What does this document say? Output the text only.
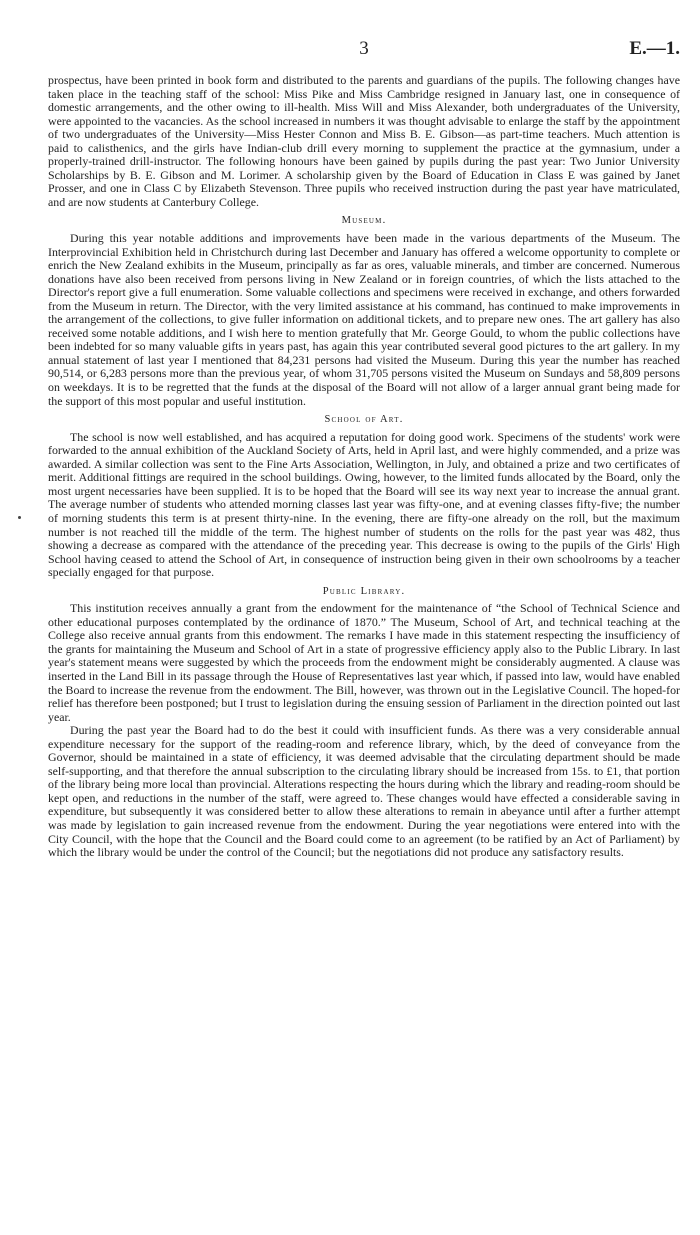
3	E.—1.

prospectus, have been printed in book form and distributed to the parents and guardians of the pupils. The following changes have taken place in the teaching staff of the school: Miss Pike and Miss Cambridge resigned in January last, one in consequence of domestic arrangements, and the other owing to ill-health. Miss Will and Miss Alexander, both undergraduates of the University, were appointed to the vacancies. As the school increased in numbers it was thought advisable to enlarge the staff by the appointment of two undergraduates of the University—Miss Hester Connon and Miss B. E. Gibson—as part-time teachers. Much attention is paid to calisthenics, and the girls have Indian-club drill every morning to supplement the practice at the gymnasium, under a properly-trained drill-instructor. The following honours have been gained by pupils during the past year: Two Junior University Scholarships by B. E. Gibson and M. Lorimer. A scholarship given by the Board of Education in Class E was gained by Janet Prosser, and one in Class C by Elizabeth Stevenson. Three pupils who received instruction during the past year have matriculated, and are now students at Canterbury College.

Museum.

During this year notable additions and improvements have been made in the various departments of the Museum. The Interprovincial Exhibition held in Christchurch during last December and January has offered a welcome opportunity to complete or enrich the New Zealand exhibits in the Museum, principally as far as ores, valuable minerals, and timber are concerned. Numerous donations have also been received from persons living in New Zealand or in foreign countries, of which the lists attached to the Director's report give a full enumeration. Some valuable collections and specimens were received in exchange, and others forwarded from the Museum in return. The Director, with the very limited assistance at his command, has continued to make improvements in the arrangement of the collections, to give fuller information on additional tickets, and to prepare new ones. The art gallery has also received some notable additions, and I wish here to mention gratefully that Mr. George Gould, to whom the public collections have been indebted for so many valuable gifts in years past, has again this year contributed several good pictures to the art gallery. In my annual statement of last year I mentioned that 84,231 persons had visited the Museum. During this year the number has reached 90,514, or 6,283 persons more than the previous year, of whom 31,705 persons visited the Museum on Sundays and 58,809 persons on weekdays. It is to be regretted that the funds at the disposal of the Board will not allow of a larger annual grant being made for the support of this most popular and useful institution.

School of Art.

The school is now well established, and has acquired a reputation for doing good work. Specimens of the students' work were forwarded to the annual exhibition of the Auckland Society of Arts, held in April last, and were highly commended, and a prize was awarded. A similar collection was sent to the Fine Arts Association, Wellington, in July, and obtained a prize and two certificates of merit. Additional fittings are required in the school buildings. Owing, however, to the limited funds allocated by the Board, only the most urgent necessaries have been supplied. It is to be hoped that the Board will see its way next year to increase the annual grant. The average number of students who attended morning classes last year was fifty-one, and at evening classes fifty-five; the number of morning students this term is at present thirty-nine. In the evening, there are fifty-one already on the roll, but the maximum number is not reached till the middle of the term. The highest number of students on the rolls for the past year was 482, thus showing a decrease as compared with the attendance of the preceding year. This decrease is owing to the pupils of the Girls' High School having ceased to attend the School of Art, in consequence of instruction being given in their own schoolrooms by a teacher specially engaged for that purpose.

Public Library.

This institution receives annually a grant from the endowment for the maintenance of “the School of Technical Science and other educational purposes contemplated by the ordinance of 1870.” The Museum, School of Art, and technical teaching at the College also receive annual grants from this endowment. The remarks I have made in this statement respecting the insufficiency of the grants for maintaining the Museum and School of Art in a state of progressive efficiency apply also to the Public Library. In last year's statement means were suggested by which the proceeds from the endowment might be considerably augmented. A clause was inserted in the Land Bill in its passage through the House of Representatives last year which, if passed into law, would have enabled the Board to increase the revenue from the endowment. The Bill, however, was thrown out in the Legislative Council. The hoped-for relief has therefore been postponed; but I trust to legislation during the ensuing session of Parliament in the direction pointed out last year.

During the past year the Board had to do the best it could with insufficient funds. As there was a very considerable annual expenditure necessary for the support of the reading-room and reference library, which, by the deed of conveyance from the Governor, should be maintained in a state of efficiency, it was deemed advisable that the circulating department should be made self-supporting, and that therefore the annual subscription to the circulating library should be increased from 15s. to £1, that portion of the library being more local than provincial. Alterations respecting the hours during which the library and reading-room should be kept open, and reductions in the number of the staff, were agreed to. These changes would have effected a considerable saving in expenditure, but subsequently it was considered better to allow these alterations to remain in abeyance until after a further attempt was made by legislation to gain increased revenue from the endowment. During the year negotiations were entered into with the City Council, with the hope that the Council and the Board could come to an agreement (to be ratified by an Act of Parliament) by which the library would be under the control of the Council; but the negotiations did not produce any satisfactory results.
